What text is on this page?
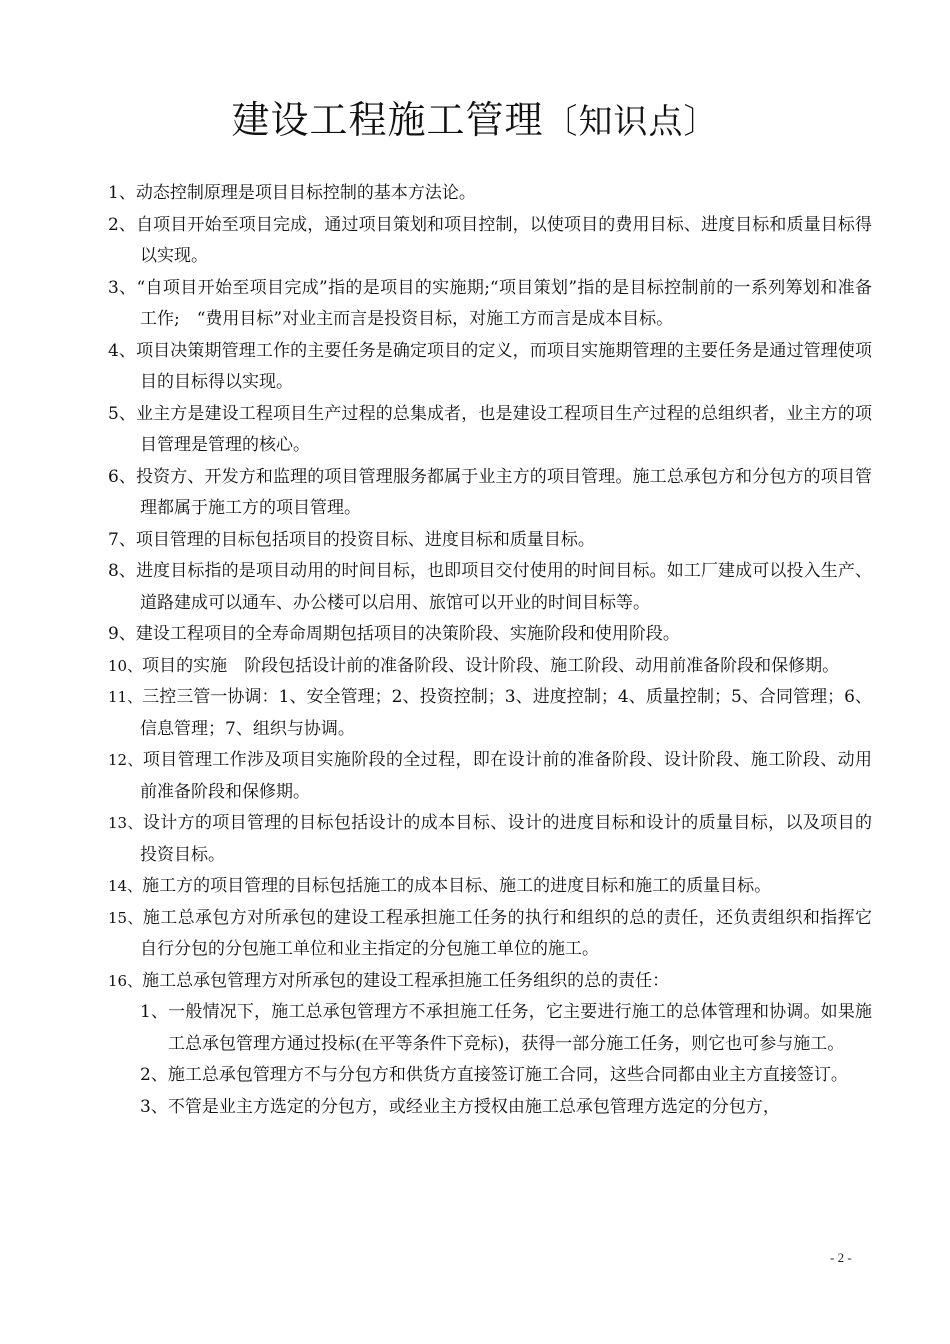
建设工程施工管理〔知识点〕

1、动态控制原理是项目目标控制的基本方法论。

2、自项目开始至项目完成，通过项目策划和项目控制，以使项目的费用目标、进度目标和质量目标得以实现。

3、“自项目开始至项目完成”指的是项目的实施期;“项目策划”指的是目标控制前的一系列筹划和准备工作;　“费用目标”对业主而言是投资目标，对施工方而言是成本目标。

4、项目决策期管理工作的主要任务是确定项目的定义，而项目实施期管理的主要任务是通过管理使项目的目标得以实现。

5、业主方是建设工程项目生产过程的总集成者，也是建设工程项目生产过程的总组织者，业主方的项目管理是管理的核心。

6、投资方、开发方和监理的项目管理服务都属于业主方的项目管理。施工总承包方和分包方的项目管理都属于施工方的项目管理。

7、项目管理的目标包括项目的投资目标、进度目标和质量目标。

8、进度目标指的是项目动用的时间目标，也即项目交付使用的时间目标。如工厂建成可以投入生产、道路建成可以通车、办公楼可以启用、旅馆可以开业的时间目标等。

9、建设工程项目的全寿命周期包括项目的决策阶段、实施阶段和使用阶段。

10、项目的实施　阶段包括设计前的准备阶段、设计阶段、施工阶段、动用前准备阶段和保修期。

11、三控三管一协调：1、安全管理；2、投资控制；3、进度控制；4、质量控制；5、合同管理；6、信息管理；7、组织与协调。

12、项目管理工作涉及项目实施阶段的全过程，即在设计前的准备阶段、设计阶段、施工阶段、动用前准备阶段和保修期。

13、设计方的项目管理的目标包括设计的成本目标、设计的进度目标和设计的质量目标，以及项目的投资目标。

14、施工方的项目管理的目标包括施工的成本目标、施工的进度目标和施工的质量目标。

15、施工总承包方对所承包的建设工程承担施工任务的执行和组织的总的责任，还负责组织和指挥它自行分包的分包施工单位和业主指定的分包施工单位的施工。

16、施工总承包管理方对所承包的建设工程承担施工任务组织的总的责任：

1、一般情况下，施工总承包管理方不承担施工任务，它主要进行施工的总体管理和协调。如果施工总承包管理方通过投标(在平等条件下竞标)，获得一部分施工任务，则它也可参与施工。
2、施工总承包管理方不与分包方和供货方直接签订施工合同，这些合同都由业主方直接签订。
3、不管是业主方选定的分包方，或经业主方授权由施工总承包管理方选定的分包方，
- 2 -
